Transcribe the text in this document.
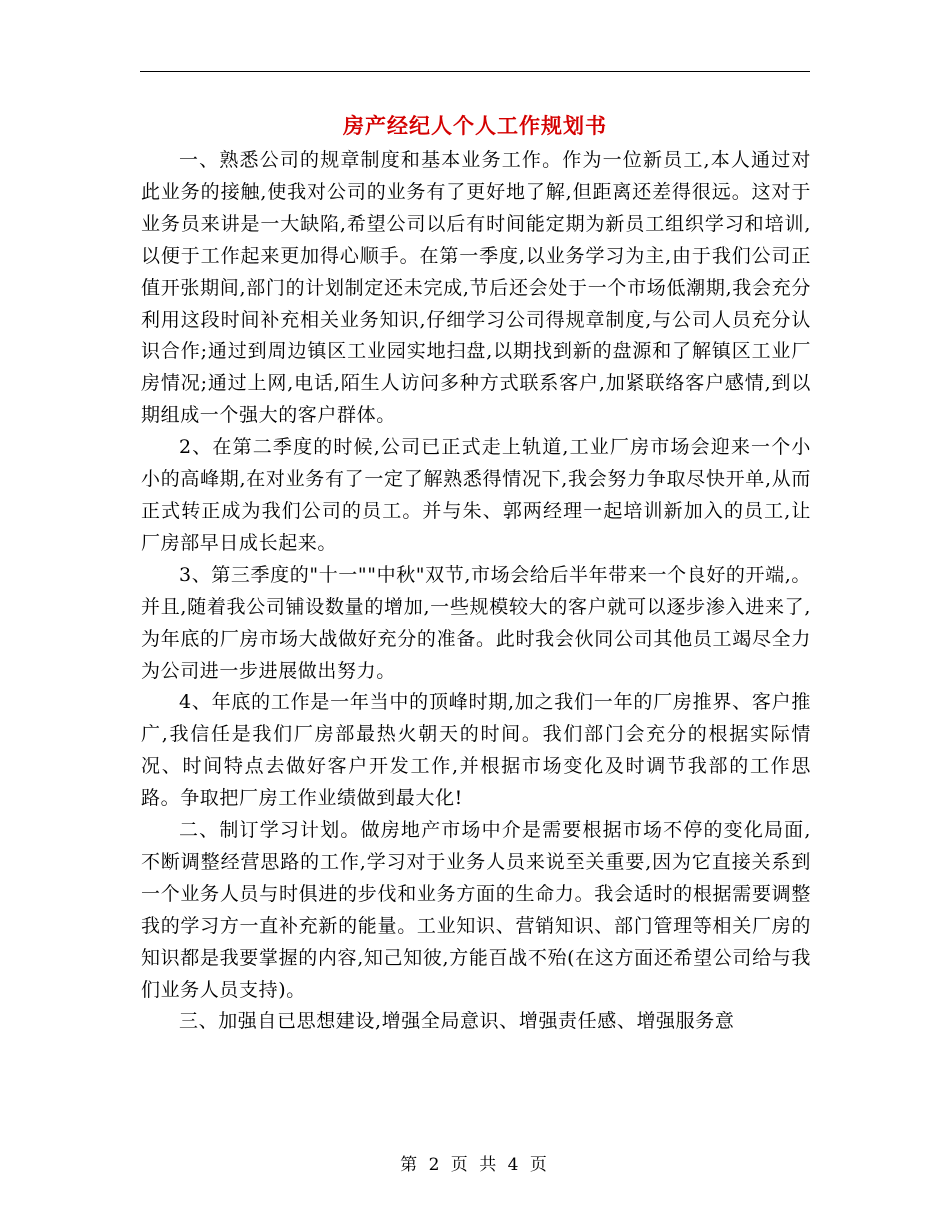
房产经纪人个人工作规划书

一、熟悉公司的规章制度和基本业务工作。作为一位新员工,本人通过对此业务的接触,使我对公司的业务有了更好地了解,但距离还差得很远。这对于业务员来讲是一大缺陷,希望公司以后有时间能定期为新员工组织学习和培训,以便于工作起来更加得心顺手。在第一季度,以业务学习为主,由于我们公司正值开张期间,部门的计划制定还未完成,节后还会处于一个市场低潮期,我会充分利用这段时间补充相关业务知识,仔细学习公司得规章制度,与公司人员充分认识合作;通过到周边镇区工业园实地扫盘,以期找到新的盘源和了解镇区工业厂房情况;通过上网,电话,陌生人访问多种方式联系客户,加紧联络客户感情,到以期组成一个强大的客户群体。

2、在第二季度的时候,公司已正式走上轨道,工业厂房市场会迎来一个小小的高峰期,在对业务有了一定了解熟悉得情况下,我会努力争取尽快开单,从而正式转正成为我们公司的员工。并与朱、郭两经理一起培训新加入的员工,让厂房部早日成长起来。

3、第三季度的"十一""中秋"双节,市场会给后半年带来一个良好的开端,。并且,随着我公司铺设数量的增加,一些规模较大的客户就可以逐步渗入进来了,为年底的厂房市场大战做好充分的准备。此时我会伙同公司其他员工竭尽全力为公司进一步进展做出努力。

4、年底的工作是一年当中的顶峰时期,加之我们一年的厂房推界、客户推广,我信任是我们厂房部最热火朝天的时间。我们部门会充分的根据实际情况、时间特点去做好客户开发工作,并根据市场变化及时调节我部的工作思路。争取把厂房工作业绩做到最大化!

二、制订学习计划。做房地产市场中介是需要根据市场不停的变化局面,不断调整经营思路的工作,学习对于业务人员来说至关重要,因为它直接关系到一个业务人员与时俱进的步伐和业务方面的生命力。我会适时的根据需要调整我的学习方一直补充新的能量。工业知识、营销知识、部门管理等相关厂房的知识都是我要掌握的内容,知己知彼,方能百战不殆(在这方面还希望公司给与我们业务人员支持)。

三、加强自已思想建设,增强全局意识、增强责任感、增强服务意

第 2 页 共 4 页
